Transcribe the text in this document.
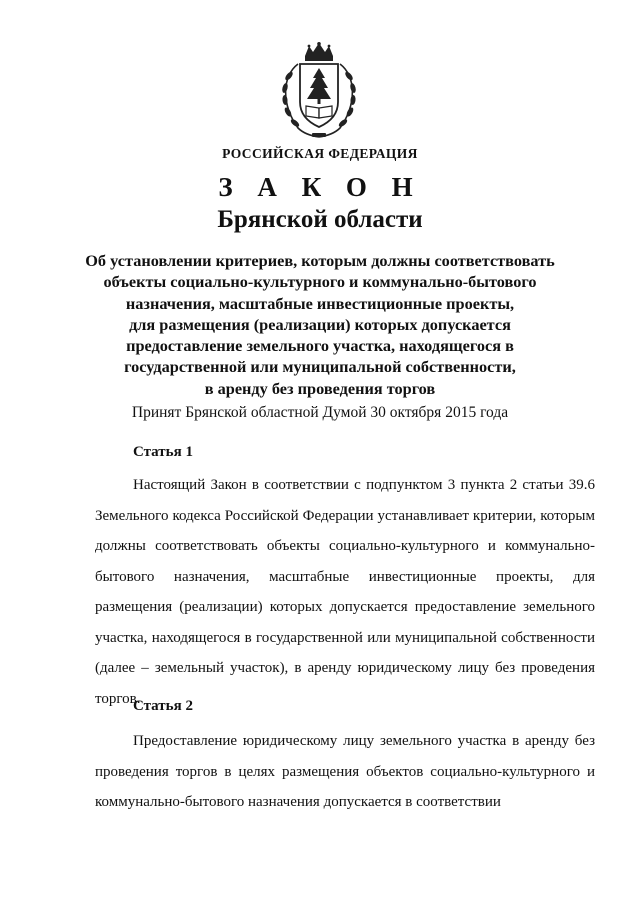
РОССИЙСКАЯ ФЕДЕРАЦИЯ
З А К О Н
Брянской области
Об установлении критериев, которым должны соответствовать
объекты социально-культурного и коммунально-бытового
назначения, масштабные инвестиционные проекты,
для размещения (реализации) которых допускается
предоставление земельного участка, находящегося в
государственной или муниципальной собственности,
в аренду без проведения торгов
Принят Брянской областной Думой 30 октября 2015 года
Статья 1

Настоящий Закон в соответствии с подпунктом 3 пункта 2 статьи 39.6 Земельного кодекса Российской Федерации устанавливает критерии, которым должны соответствовать объекты социально-культурного и коммунально-бытового назначения, масштабные инвестиционные проекты, для размещения (реализации) которых допускается предоставление земельного участка, находящегося в государственной или муниципальной собственности (далее – земельный участок), в аренду юридическому лицу без проведения торгов.

Статья 2

Предоставление юридическому лицу земельного участка в аренду без проведения торгов в целях размещения объектов социально-культурного и коммунально-бытового назначения допускается в соответствии
